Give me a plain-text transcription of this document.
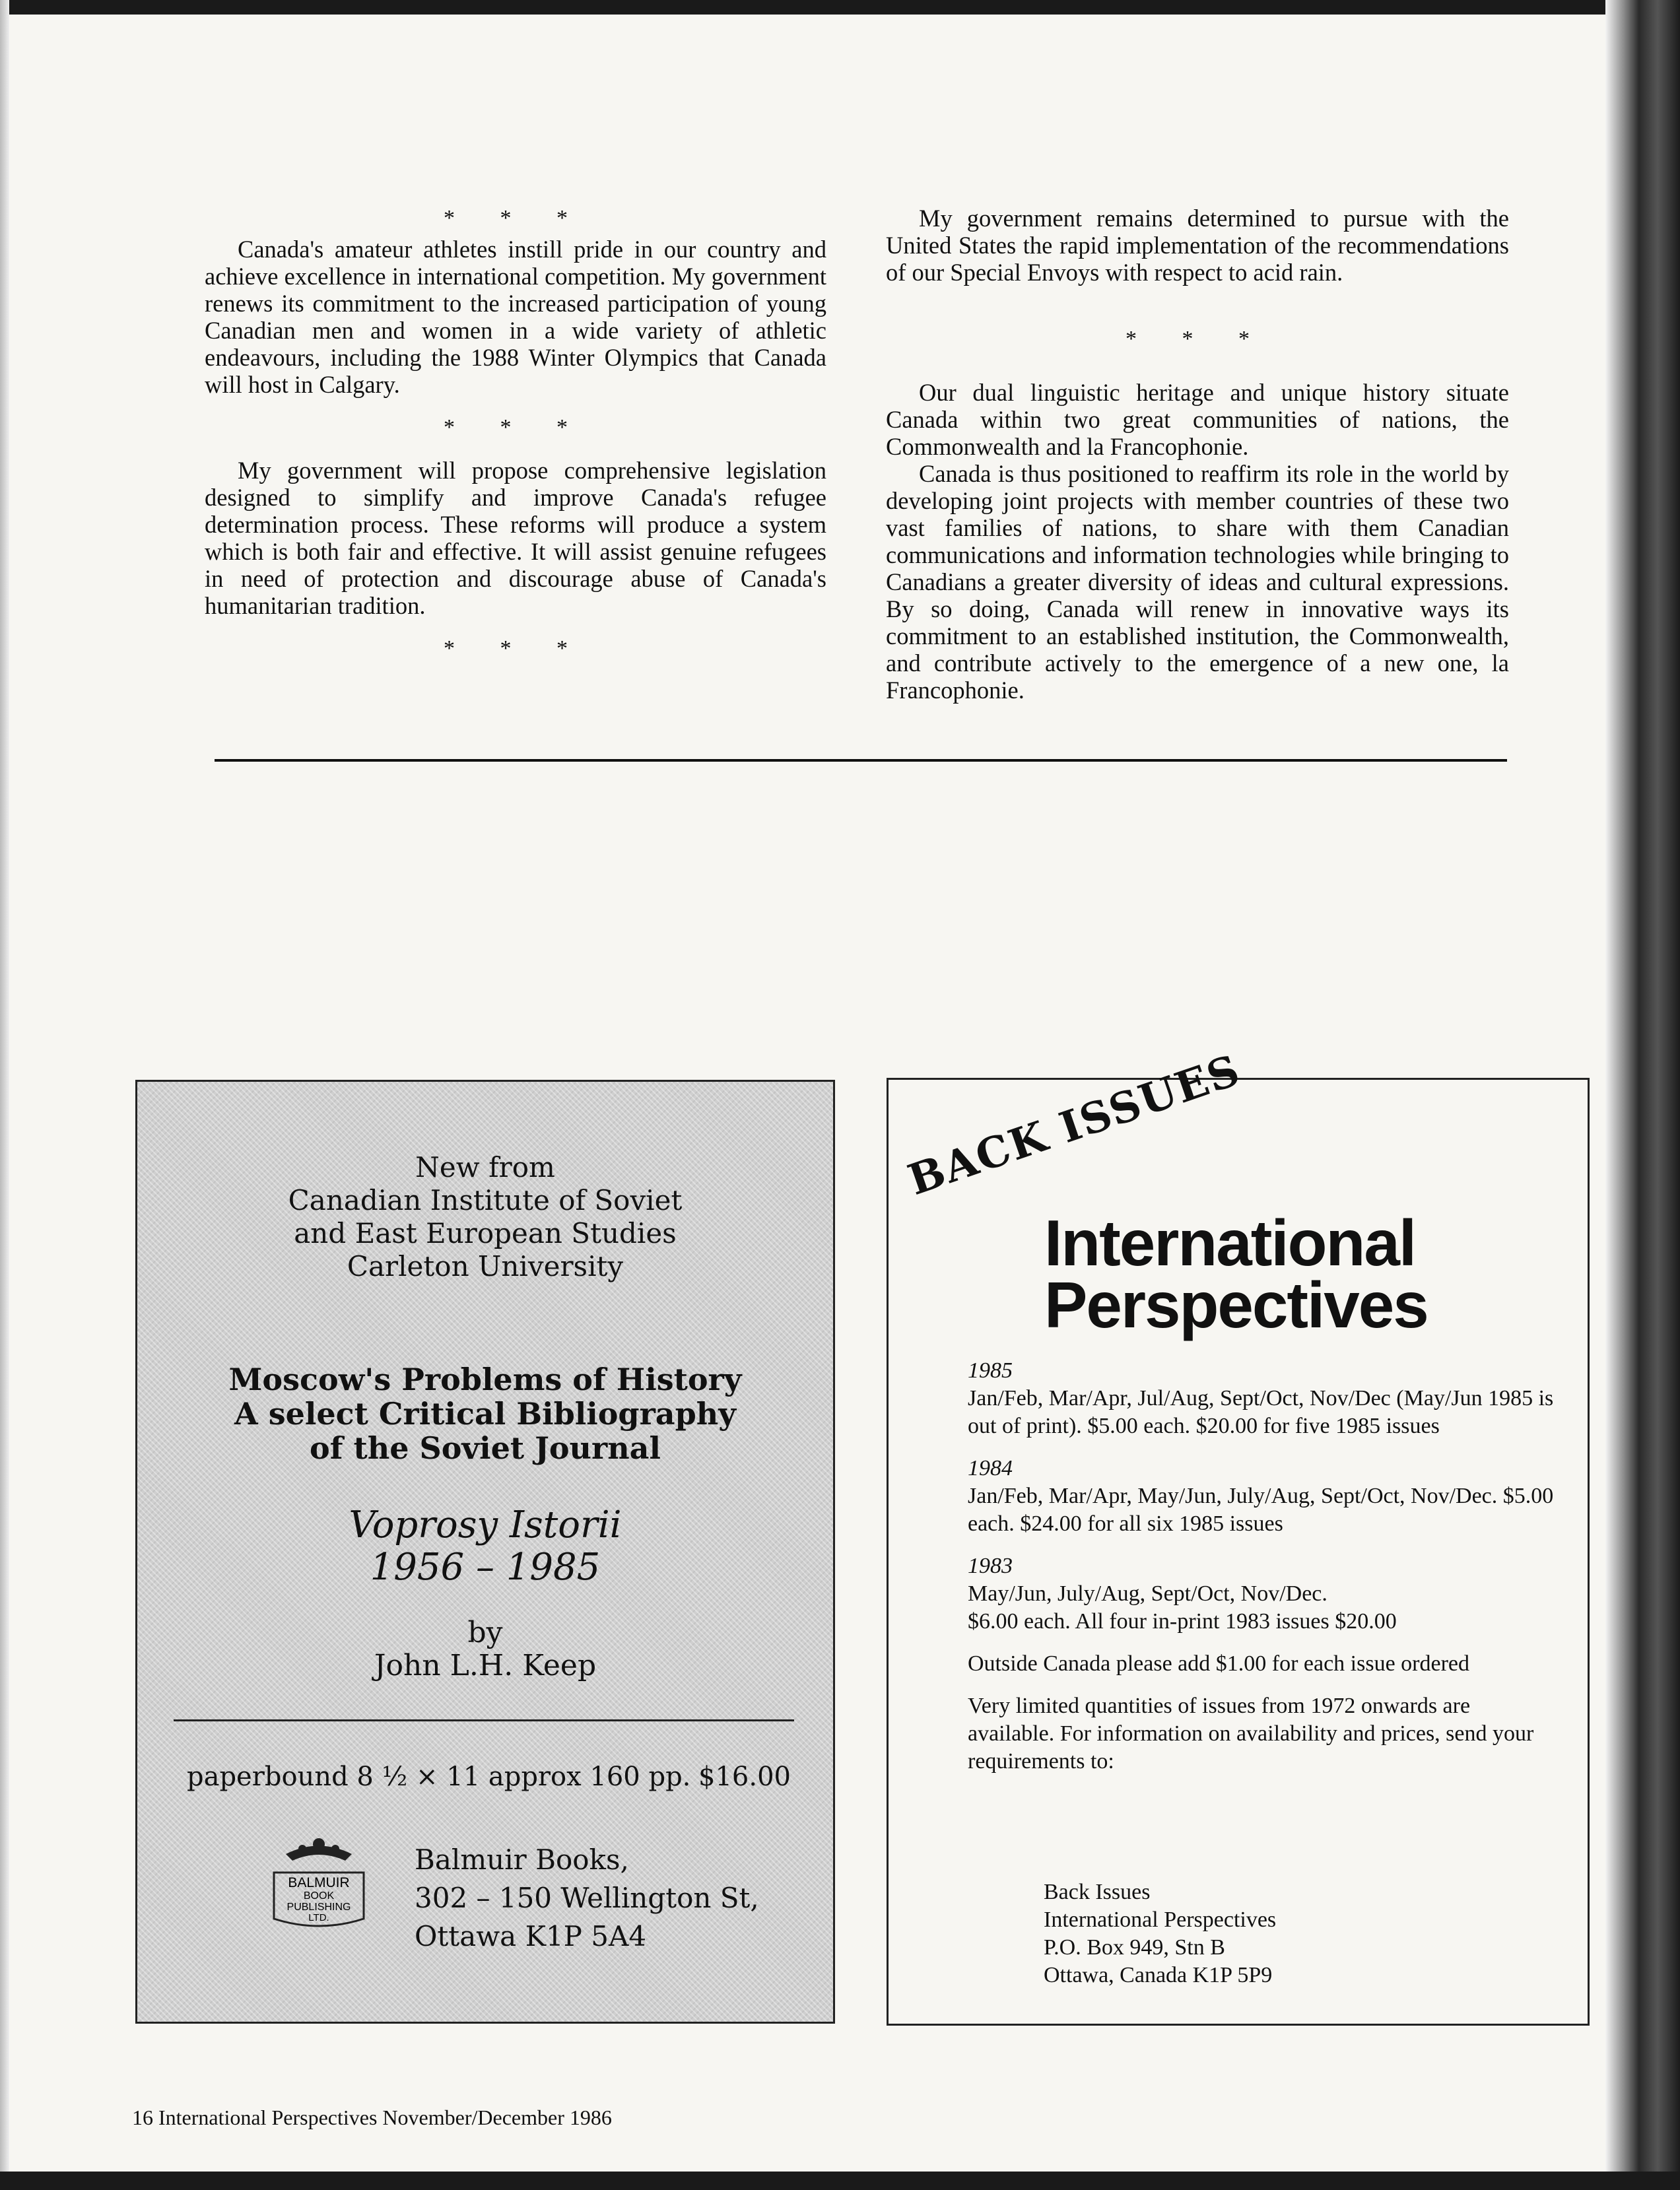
* * *

Canada's amateur athletes instill pride in our country and achieve excellence in international competition. My government renews its commitment to the increased participation of young Canadian men and women in a wide variety of athletic endeavours, including the 1988 Winter Olympics that Canada will host in Calgary.

* * *

My government will propose comprehensive legislation designed to simplify and improve Canada's refugee determination process. These reforms will produce a system which is both fair and effective. It will assist genuine refugees in need of protection and discourage abuse of Canada's humanitarian tradition.

* * *

My government remains determined to pursue with the United States the rapid implementation of the recommendations of our Special Envoys with respect to acid rain.

* * *

Our dual linguistic heritage and unique history situate Canada within two great communities of nations, the Commonwealth and la Francophonie.

Canada is thus positioned to reaffirm its role in the world by developing joint projects with member countries of these two vast families of nations, to share with them Canadian communications and information technologies while bringing to Canadians a greater diversity of ideas and cultural expressions. By so doing, Canada will renew in innovative ways its commitment to an established institution, the Commonwealth, and contribute actively to the emergence of a new one, la Francophonie.

New from
Canadian Institute of Soviet
and East European Studies
Carleton University
Moscow's Problems of History
A select Critical Bibliography
of the Soviet Journal
Voprosy Istorii
1956 – 1985
by
John L.H. Keep
paperbound 8 ½ × 11 approx 160 pp. $16.00
BALMUIR
BOOK
PUBLISHING
LTD.
Balmuir Books,
302 – 150 Wellington St,
Ottawa K1P 5A4
BACK ISSUES
International
Perspectives

1985
Jan/Feb, Mar/Apr, Jul/Aug, Sept/Oct, Nov/Dec (May/Jun 1985 is out of print). $5.00 each. $20.00 for five 1985 issues

1984
Jan/Feb, Mar/Apr, May/Jun, July/Aug, Sept/Oct, Nov/Dec. $5.00 each. $24.00 for all six 1985 issues

1983
May/Jun, July/Aug, Sept/Oct, Nov/Dec.
$6.00 each. All four in-print 1983 issues $20.00

Outside Canada please add $1.00 for each issue ordered

Very limited quantities of issues from 1972 onwards are available. For information on availability and prices, send your requirements to:

Back Issues
International Perspectives
P.O. Box 949, Stn B
Ottawa, Canada K1P 5P9
16 International Perspectives November/December 1986
